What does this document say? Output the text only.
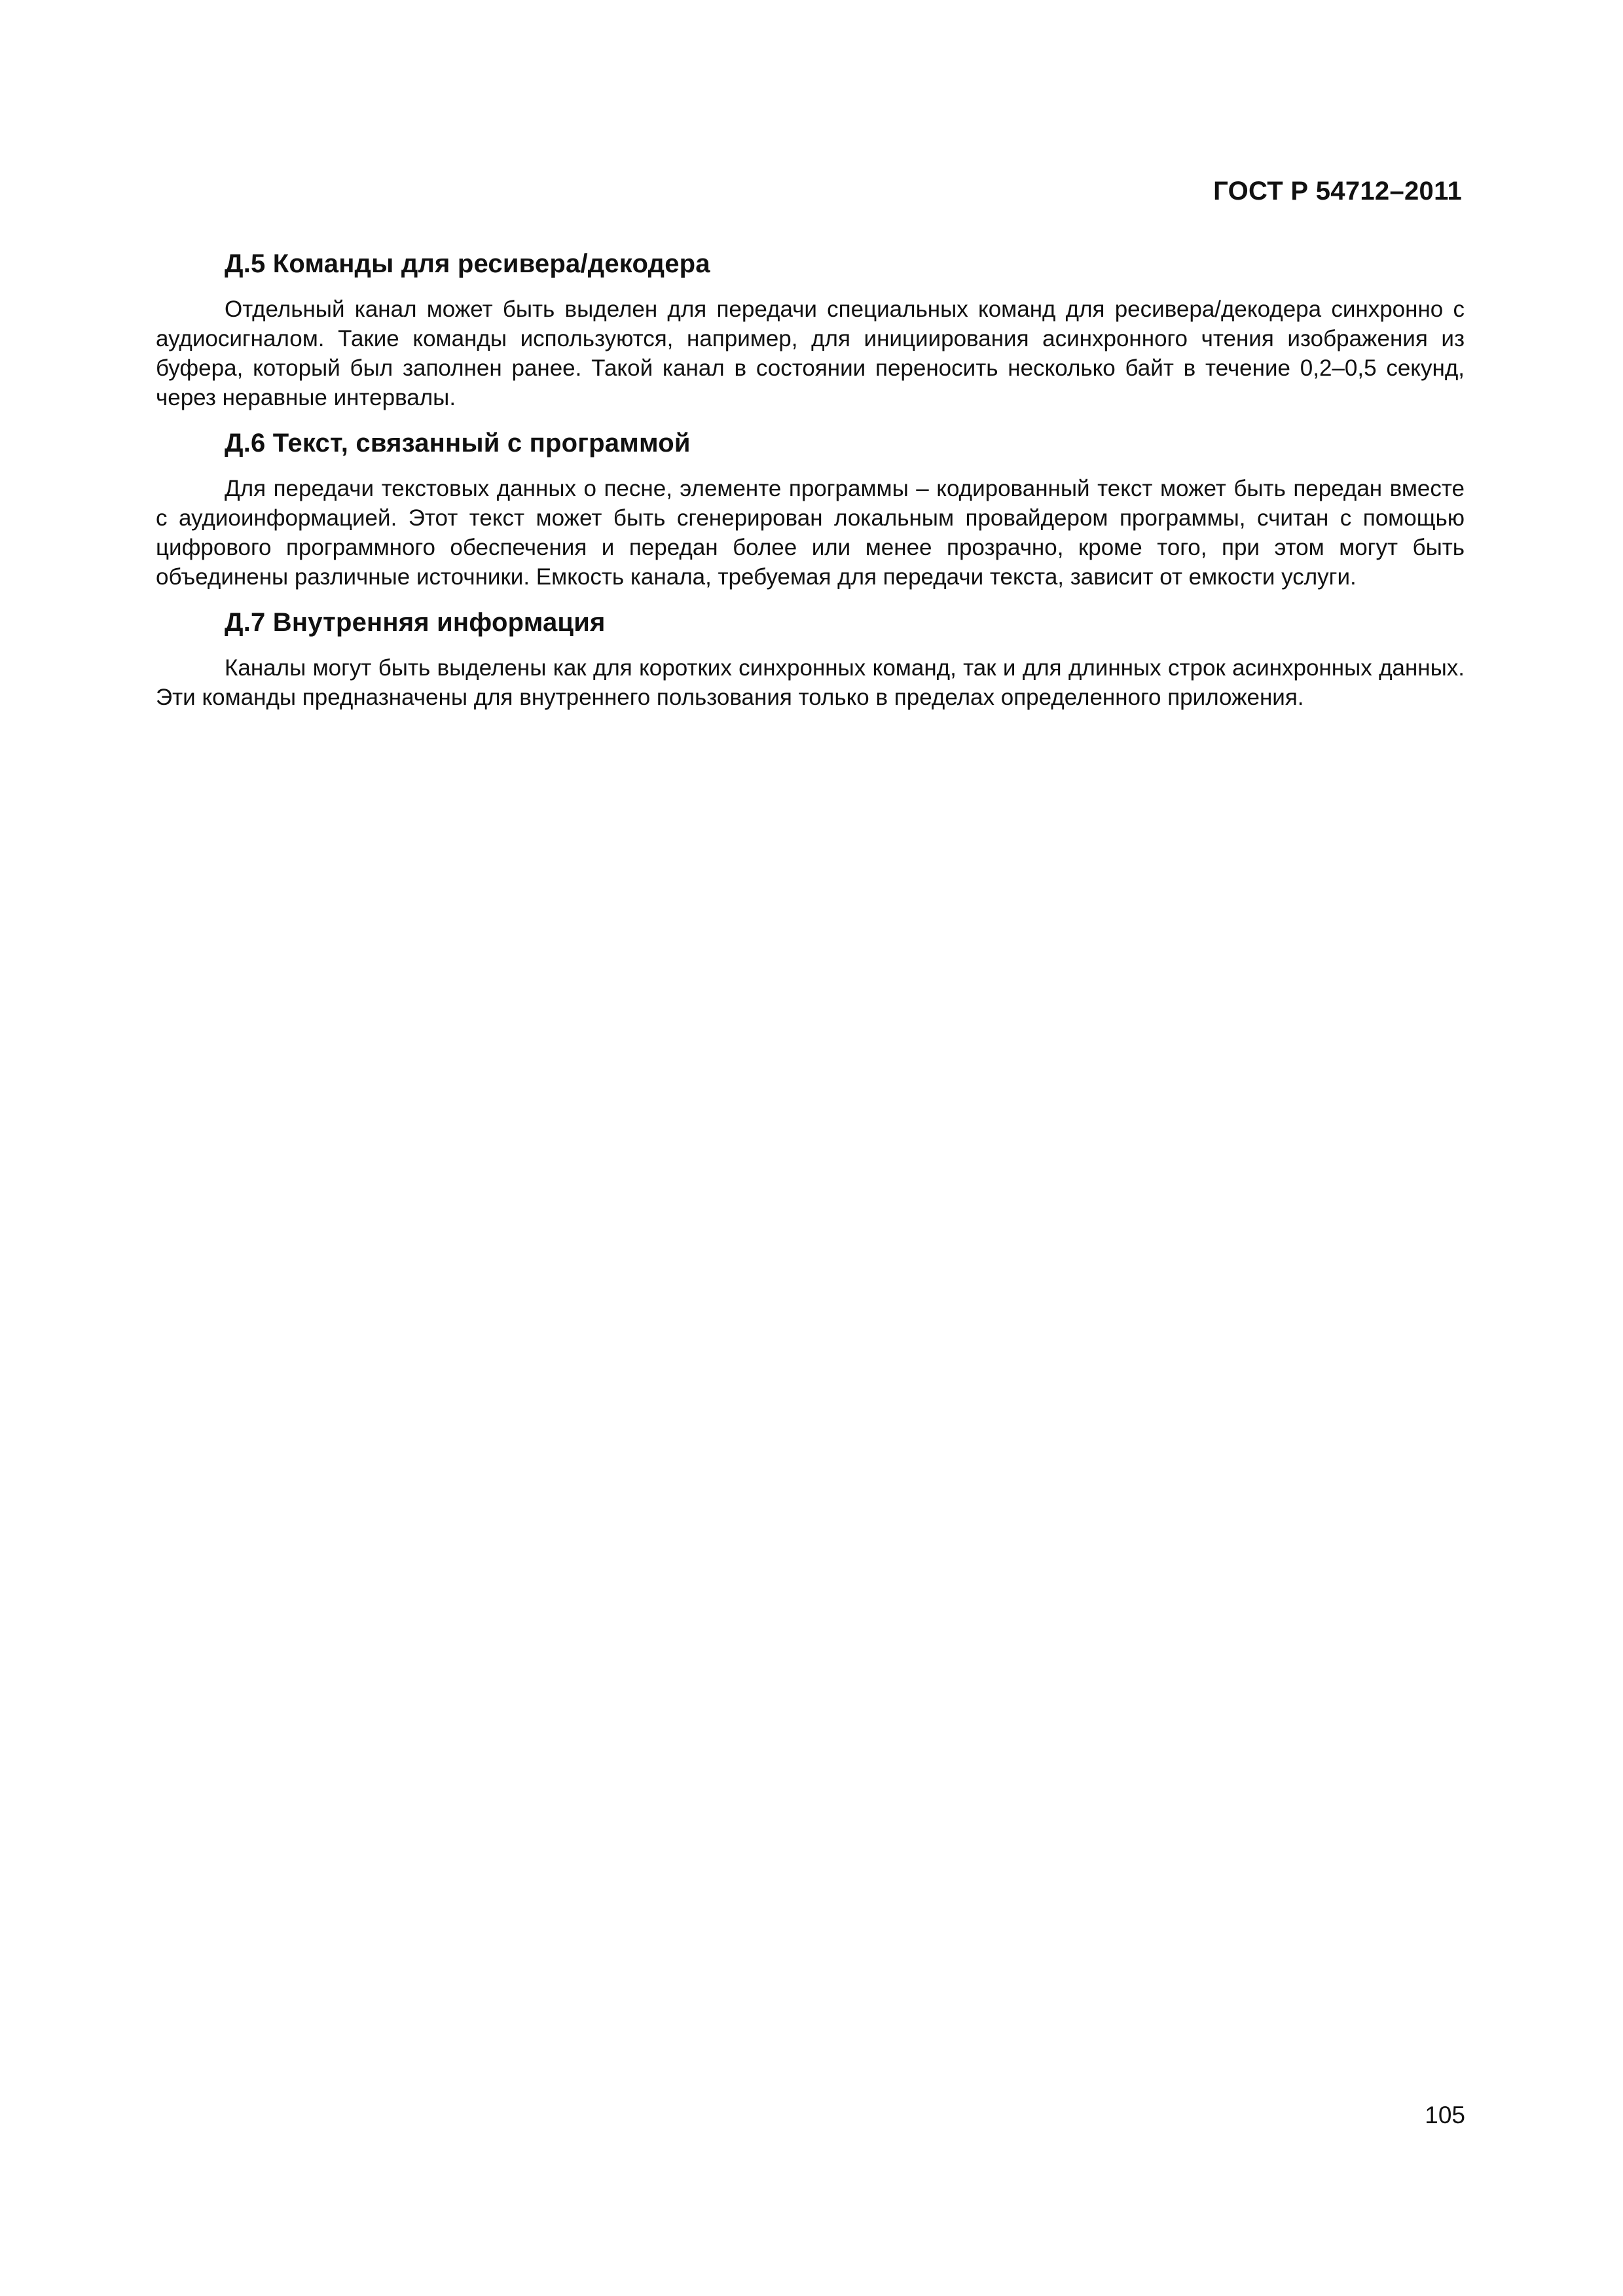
ГОСТ Р 54712–2011

Д.5 Команды для ресивера/декодера

Отдельный канал может быть выделен для передачи специальных команд для ресивера/декодера синхронно с аудиосигналом. Такие команды используются, например, для инициирования асинхронного чтения изображения из буфера, который был заполнен ранее. Такой канал в состоянии переносить несколько байт в течение 0,2–0,5 секунд, через неравные интервалы.

Д.6 Текст, связанный с программой

Для передачи текстовых данных о песне, элементе программы – кодированный текст может быть передан вместе с аудиоинформацией. Этот текст может быть сгенерирован локальным провайдером программы, считан с помощью цифрового программного обеспечения и передан более или менее прозрачно, кроме того, при этом могут быть объединены различные источники. Емкость канала, требуемая для передачи текста, зависит от емкости услуги.

Д.7 Внутренняя информация

Каналы могут быть выделены как для коротких синхронных команд, так и для длинных строк асинхронных данных. Эти команды предназначены для внутреннего пользования только в пределах определенного приложения.

105
